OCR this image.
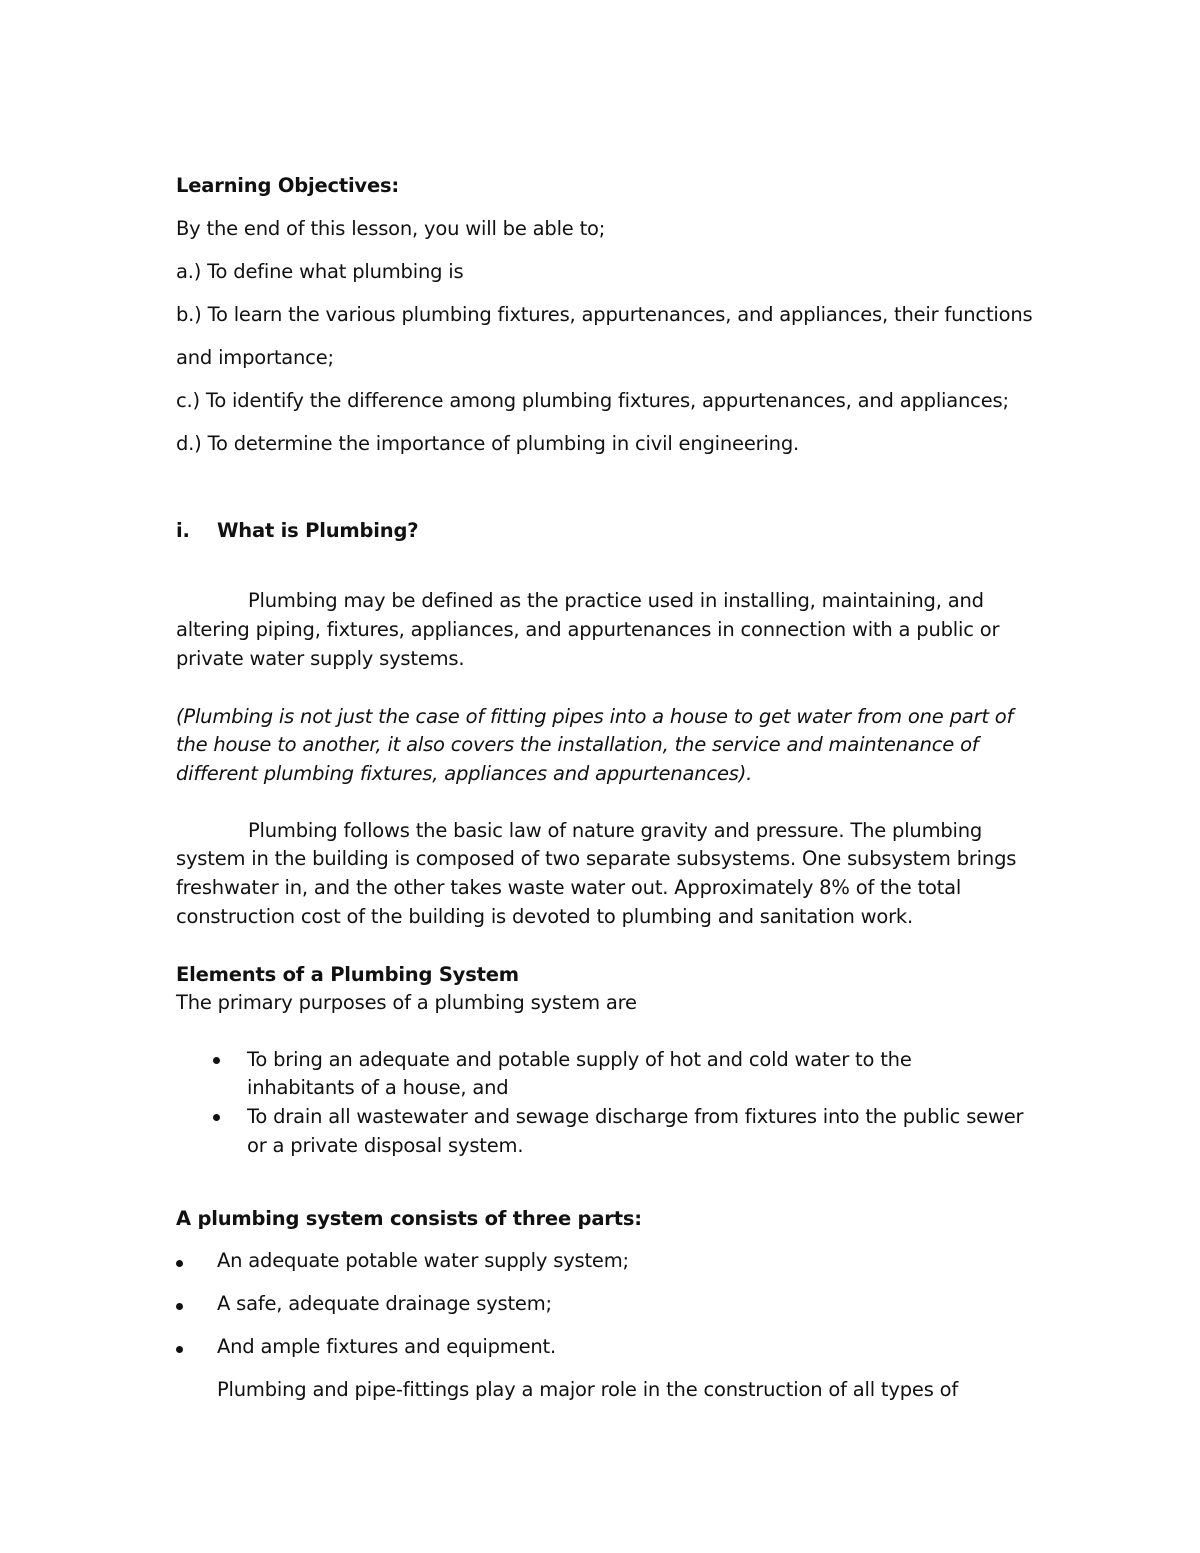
Learning Objectives:
By the end of this lesson, you will be able to;
a.) To define what plumbing is
b.) To learn the various plumbing fixtures, appurtenances, and appliances, their functions
and importance;
c.) To identify the difference among plumbing fixtures, appurtenances, and appliances;
d.) To determine the importance of plumbing in civil engineering.
i. What is Plumbing?
Plumbing may be defined as the practice used in installing, maintaining, and
altering piping, fixtures, appliances, and appurtenances in connection with a public or
private water supply systems.
(Plumbing is not just the case of fitting pipes into a house to get water from one part of
the house to another, it also covers the installation, the service and maintenance of
different plumbing fixtures, appliances and appurtenances).
Plumbing follows the basic law of nature gravity and pressure. The plumbing
system in the building is composed of two separate subsystems. One subsystem brings
freshwater in, and the other takes waste water out. Approximately 8% of the total
construction cost of the building is devoted to plumbing and sanitation work.
Elements of a Plumbing System
The primary purposes of a plumbing system are
To bring an adequate and potable supply of hot and cold water to the
inhabitants of a house, and
To drain all wastewater and sewage discharge from fixtures into the public sewer
or a private disposal system.
A plumbing system consists of three parts:
An adequate potable water supply system;
A safe, adequate drainage system;
And ample fixtures and equipment.
Plumbing and pipe-fittings play a major role in the construction of all types of
